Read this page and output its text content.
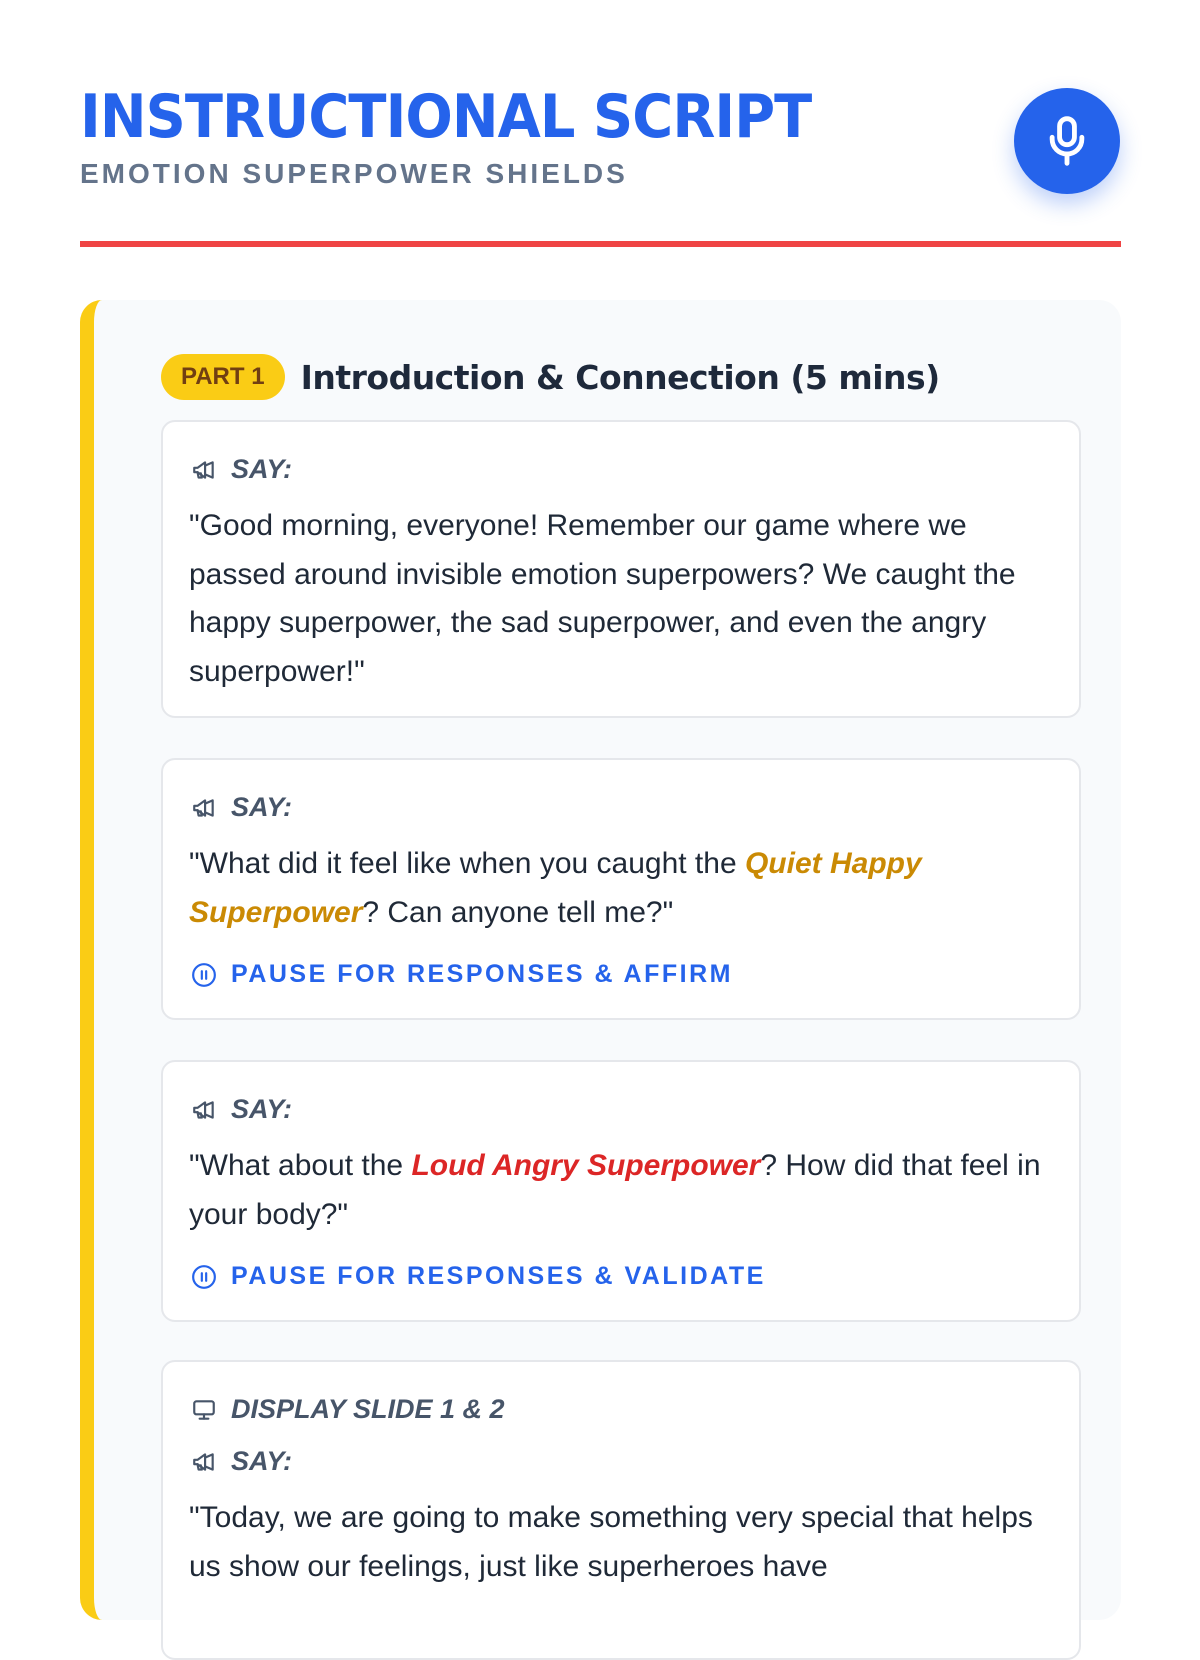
INSTRUCTIONAL SCRIPT
EMOTION SUPERPOWER SHIELDS
PART 1	Introduction & Connection (5 mins)
SAY:
"Good morning, everyone! Remember our game where we passed around invisible emotion superpowers? We caught the happy superpower, the sad superpower, and even the angry superpower!"
SAY:
"What did it feel like when you caught the Quiet Happy Superpower? Can anyone tell me?"
PAUSE FOR RESPONSES & AFFIRM
SAY:
"What about the Loud Angry Superpower? How did that feel in your body?"
PAUSE FOR RESPONSES & VALIDATE
DISPLAY SLIDE 1 & 2
SAY:
"Today, we are going to make something very special that helps us show our feelings, just like superheroes have
